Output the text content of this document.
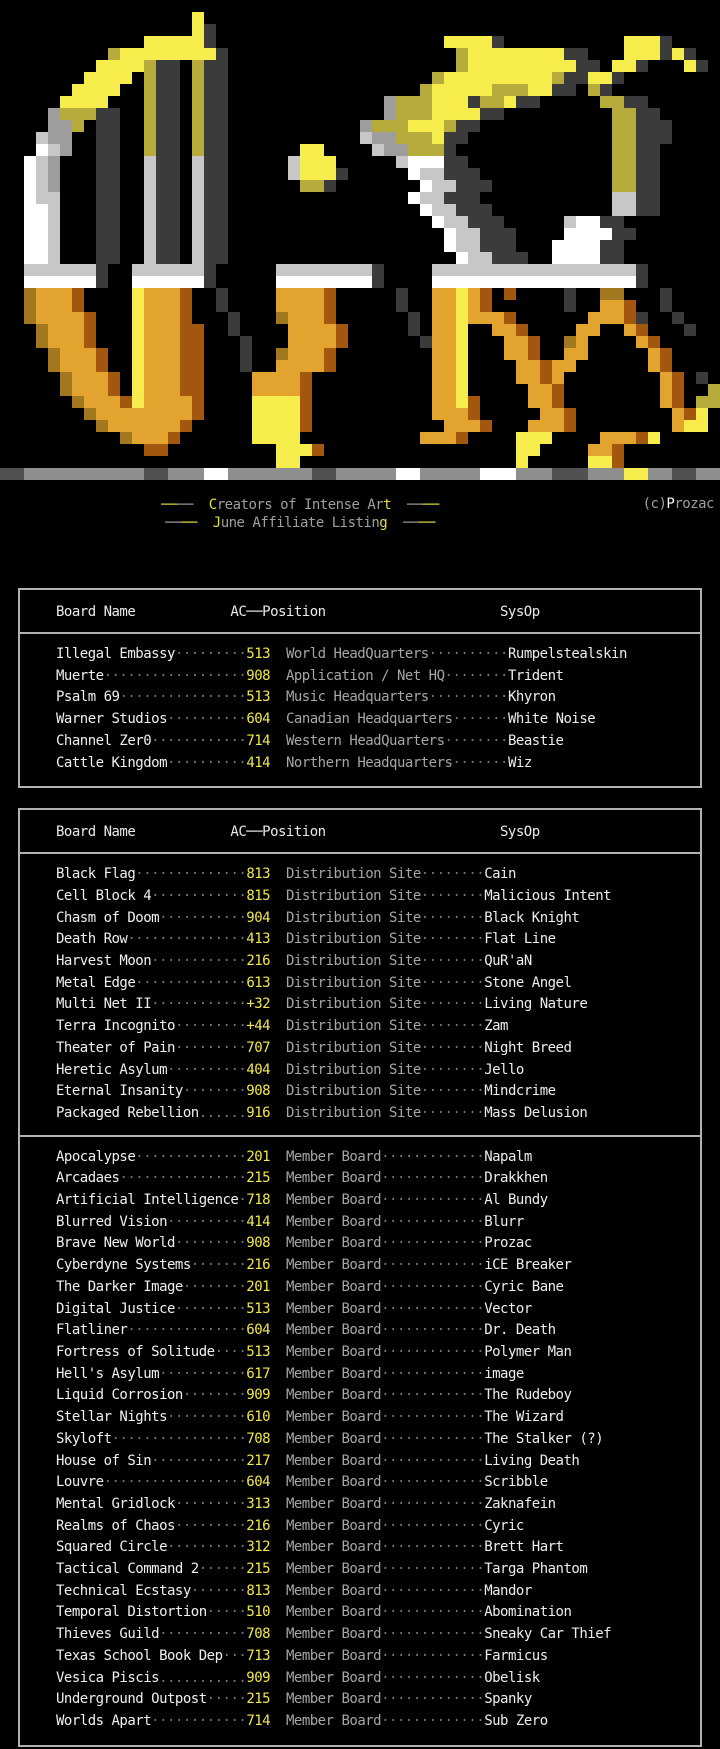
──── Creators of Intense Art ────
──── June Affiliate Listing ────
(c)Prozac
Board Name            AC──Position                      SysOp
Illegal Embassy·········513 World HeadQuarters··········Rumpelstealskin
Muerte··················908 Application / Net HQ········Trident
Psalm 69················513 Music Headquarters··········Khyron
Warner Studios··········604 Canadian Headquarters·······White Noise
Channel Zer0············714 Western HeadQuarters········Beastie
Cattle Kingdom··········414 Northern Headquarters·······Wiz
Board Name            AC──Position                      SysOp
Black Flag··············813 Distribution Site········Cain
Cell Block 4············815 Distribution Site········Malicious Intent
Chasm of Doom···········904 Distribution Site········Black Knight
Death Row···············413 Distribution Site········Flat Line
Harvest Moon············216 Distribution Site········QuR'aN
Metal Edge··············613 Distribution Site········Stone Angel
Multi Net II············+32 Distribution Site········Living Nature
Terra Incognito·········+44 Distribution Site········Zam
Theater of Pain·········707 Distribution Site········Night Breed
Heretic Asylum··········404 Distribution Site········Jello
Eternal Insanity········908 Distribution Site········Mindcrime
Packaged Rebellion......916 Distribution Site········Mass Delusion
Apocalypse··············201 Member Board·············Napalm
Arcadaes················215 Member Board·············Drakkhen
Artificial Intelligence·718 Member Board·············Al Bundy
Blurred Vision··········414 Member Board·············Blurr
Brave New World·········908 Member Board·············Prozac
Cyberdyne Systems·······216 Member Board·············iCE Breaker
The Darker Image········201 Member Board·············Cyric Bane
Digital Justice·········513 Member Board·············Vector
Flatliner···············604 Member Board·············Dr. Death
Fortress of Solitude····513 Member Board·············Polymer Man
Hell's Asylum···········617 Member Board·············image
Liquid Corrosion········909 Member Board·············The Rudeboy
Stellar Nights··········610 Member Board·············The Wizard
Skyloft·················708 Member Board·············The Stalker (?)
House of Sin············217 Member Board·············Living Death
Louvre··················604 Member Board·············Scribble
Mental Gridlock·········313 Member Board·············Zaknafein
Realms of Chaos·········216 Member Board·············Cyric
Squared Circle··········312 Member Board·············Brett Hart
Tactical Command 2······215 Member Board·············Targa Phantom
Technical Ecstasy·······813 Member Board·············Mandor
Temporal Distortion·····510 Member Board·············Abomination
Thieves Guild···········708 Member Board·············Sneaky Car Thief
Texas School Book Dep···713 Member Board·············Farmicus
Vesica Piscis...........909 Member Board·············Obelisk
Underground Outpost·····215 Member Board·············Spanky
Worlds Apart············714 Member Board·············Sub Zero
